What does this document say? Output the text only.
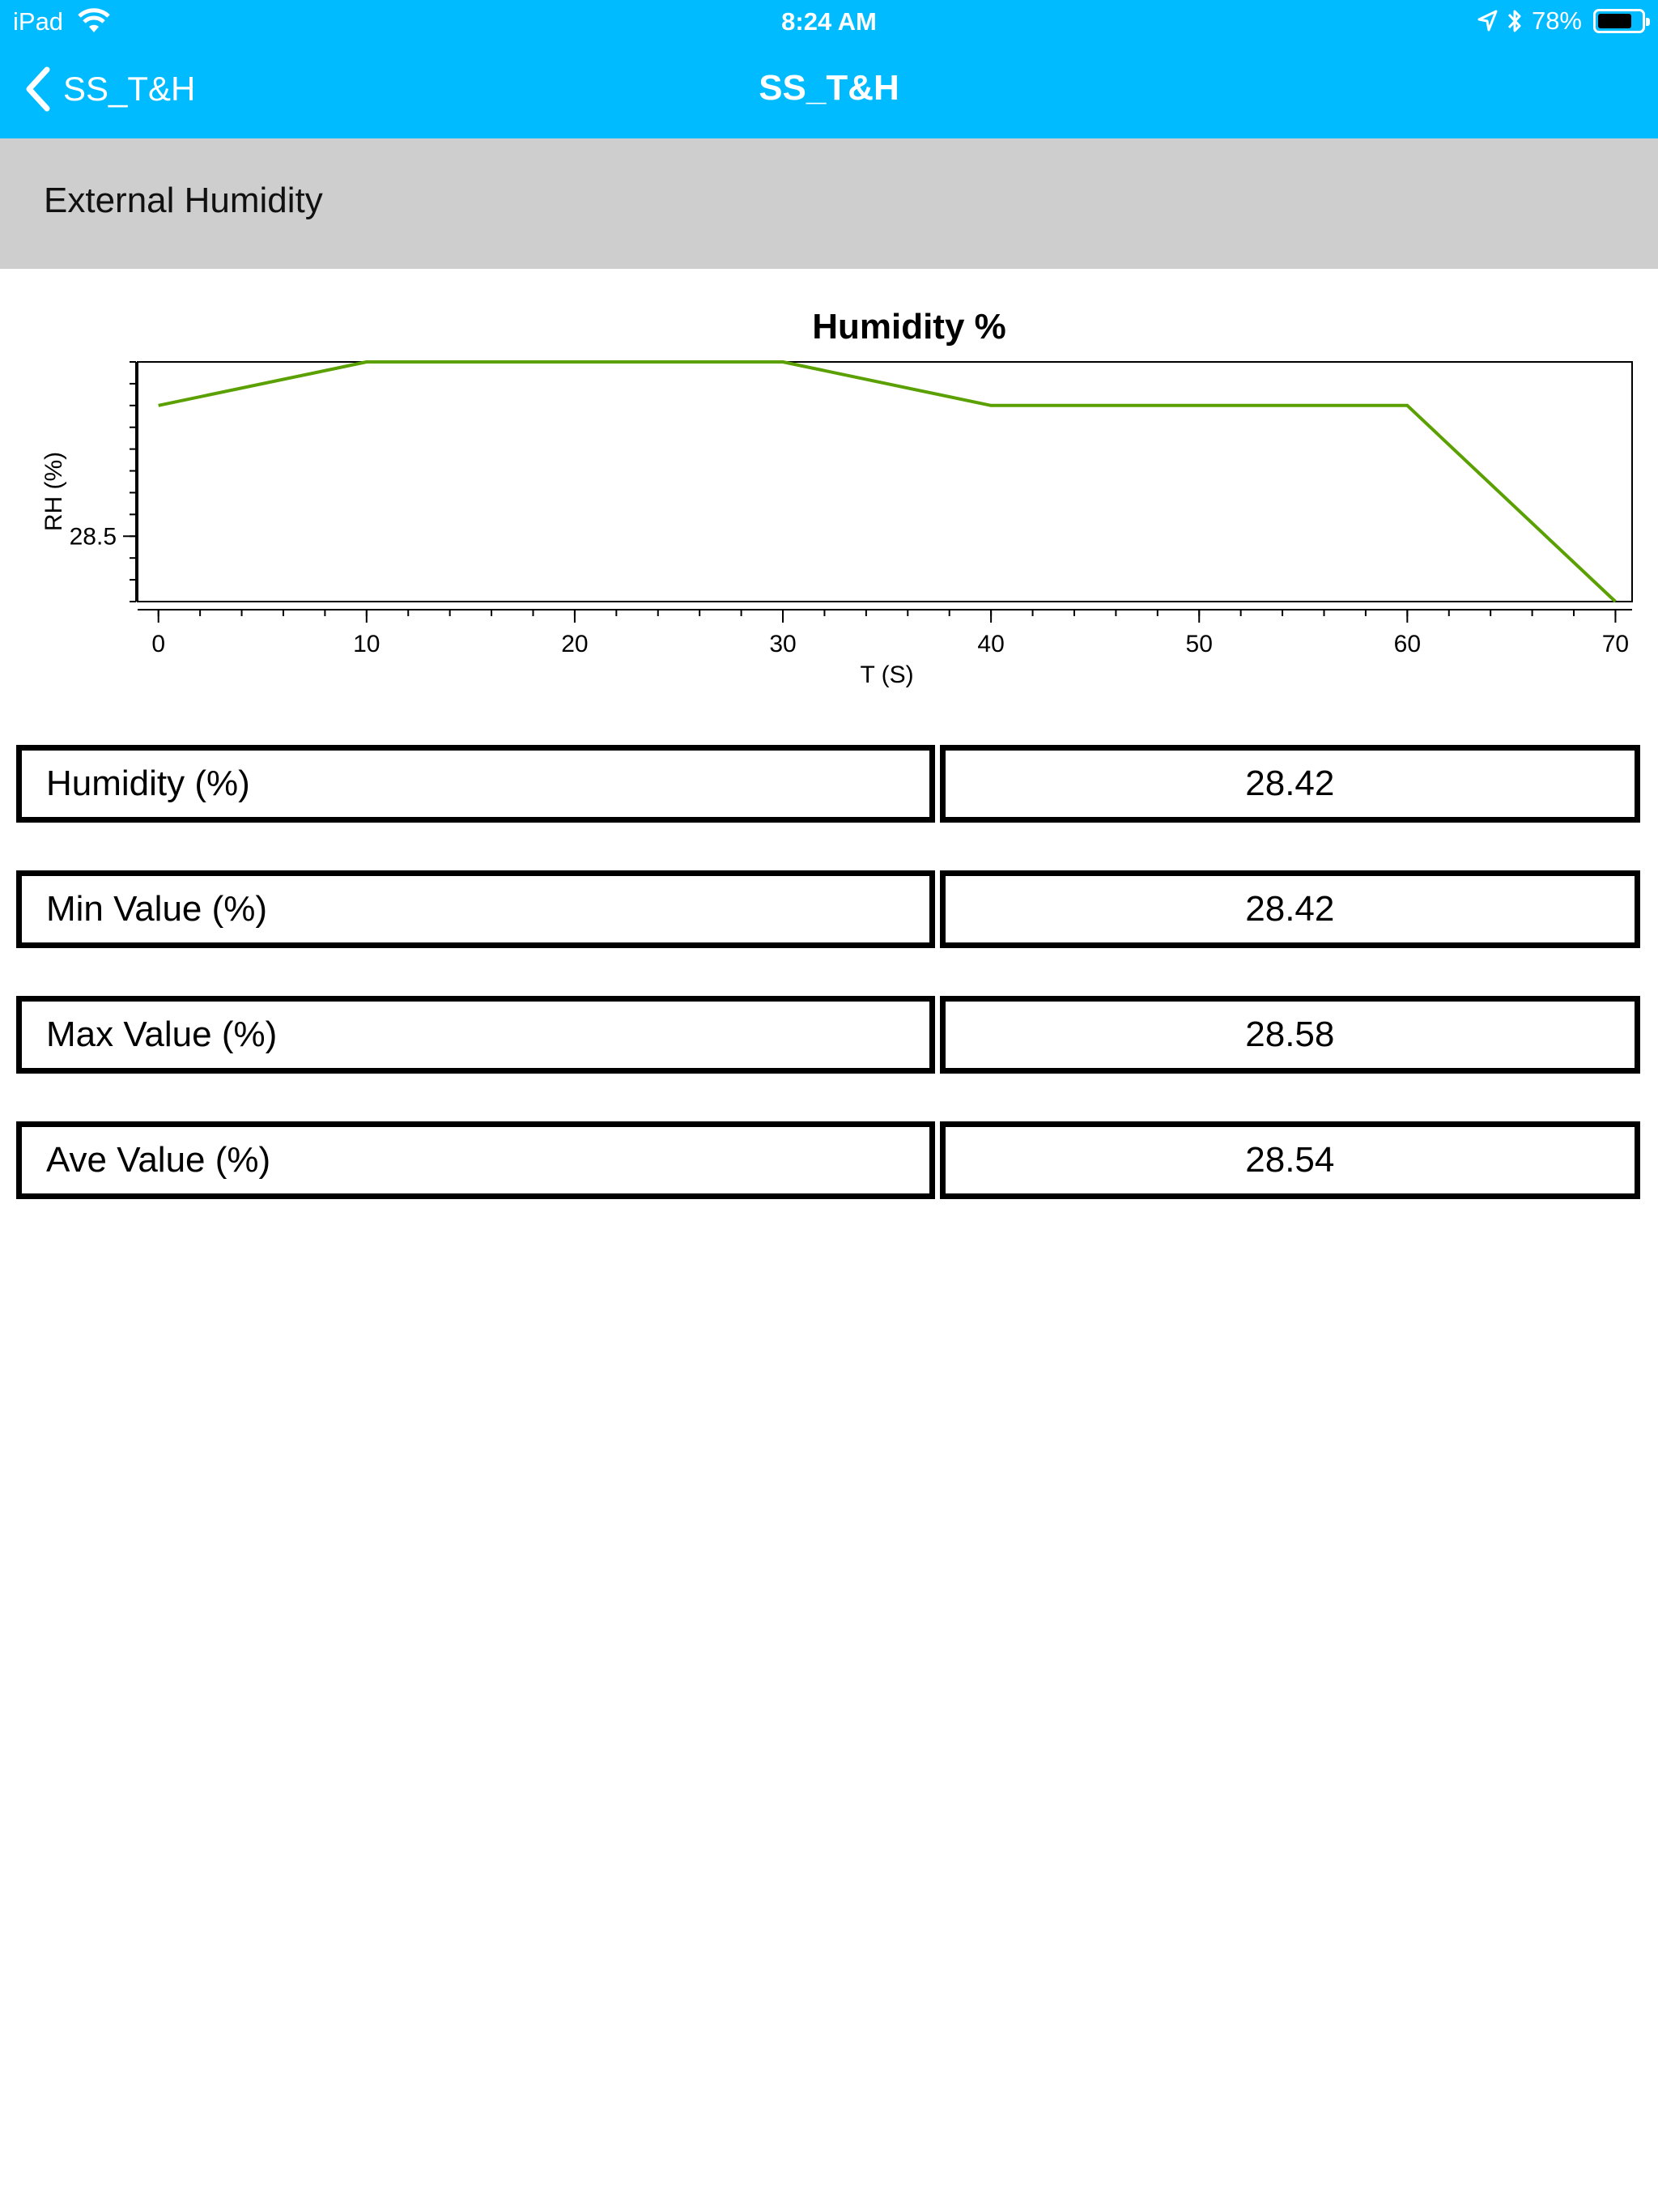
iPad	8:24 AM	78%
SS_T&H	SS_T&H
External Humidity
Humidity %
0	10	20	30	40	50	60	70
T (S)
28.5
RH (%)
Humidity (%)	28.42
Min Value (%)	28.42
Max Value (%)	28.58
Ave Value (%)	28.54
